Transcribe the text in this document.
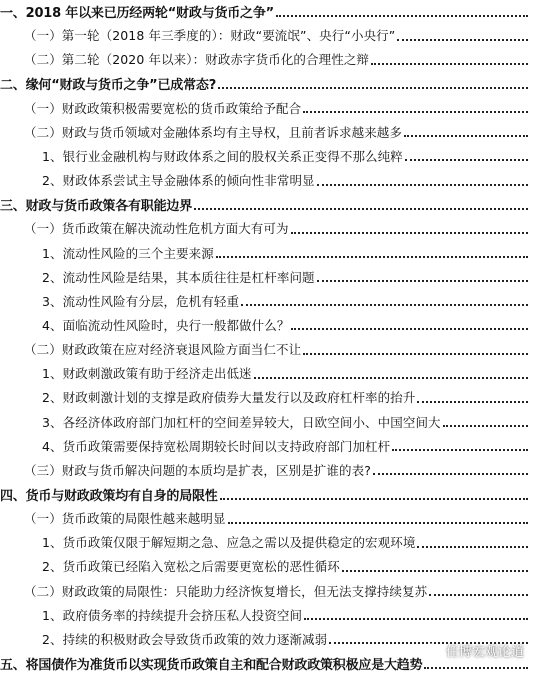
一、2018 年以来已历经两轮“财政与货币之争”
（一）第一轮（2018 年三季度的）：财政“要流氓”、央行“小央行”
（二）第二轮（2020 年以来）：财政赤字货币化的合理性之辩
二、缘何“财政与货币之争”已成常态?
（一）财政政策积极需要宽松的货币政策给予配合
（二）财政与货币领域对金融体系均有主导权，且前者诉求越来越多
1、银行业金融机构与财政体系之间的股权关系正变得不那么纯粹
2、财政体系尝试主导金融体系的倾向性非常明显
三、财政与货币政策各有职能边界
（一）货币政策在解决流动性危机方面大有可为
1、流动性风险的三个主要来源
2、流动性风险是结果，其本质往往是杠杆率问题
3、流动性风险有分层，危机有轻重
4、面临流动性风险时，央行一般都做什么？
（二）财政政策在应对经济衰退风险方面当仁不让
1、财政刺激政策有助于经济走出低迷
2、财政刺激计划的支撑是政府债券大量发行以及政府杠杆率的抬升
3、各经济体政府部门加杠杆的空间差异较大，日欧空间小、中国空间大
4、货币政策需要保持宽松周期较长时间以支持政府部门加杠杆
（三）财政与货币解决问题的本质均是扩表，区别是扩谁的表?
四、货币与财政政策均有自身的局限性
（一）货币政策的局限性越来越明显
1、货币政策仅限于解短期之急、应急之需以及提供稳定的宏观环境
2、货币政策已经陷入宽松之后需要更宽松的恶性循环
（二）财政政策的局限性：只能助力经济恢复增长，但无法支撑持续复苏
1、政府债务率的持续提升会挤压私人投资空间
2、持续的积极财政会导致货币政策的效力逐渐减弱
五、将国债作为准货币以实现货币政策自主和配合财政政策积极应是大趋势
任博宏观论道
